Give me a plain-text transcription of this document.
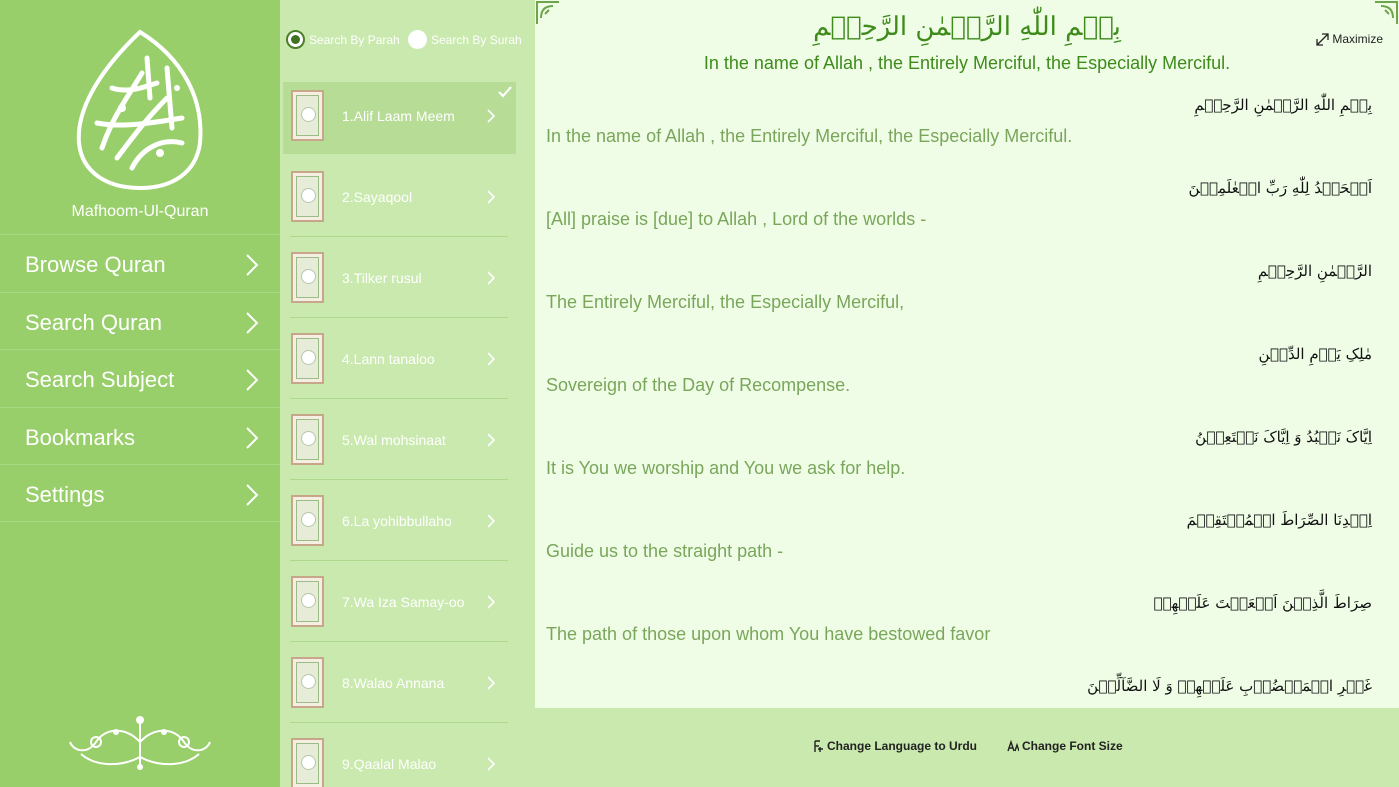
Mafhoom-Ul-Quran
Browse Quran
Search Quran
Search Subject
Bookmarks
Settings
Search By Parah	Search By Surah
1.Alif Laam Meem
2.Sayaqool
3.Tilker rusul
4.Lann tanaloo
5.Wal mohsinaat
6.La yohibbullaho
7.Wa Iza Samay-oo
8.Walao Annana
9.Qaalal Malao
بِسۡمِ اللّٰهِ الرَّحۡمٰنِ الرَّحِیۡمِ
In the name of Allah , the Entirely Merciful, the Especially Merciful.
Maximize
بِسۡمِ اللّٰهِ الرَّحۡمٰنِ الرَّحِیۡمِ
In the name of Allah , the Entirely Merciful, the Especially Merciful.
اَلۡحَمۡدُ لِلّٰهِ رَبِّ الۡعٰلَمِیۡنَ
[All] praise is [due] to Allah , Lord of the worlds -
الرَّحۡمٰنِ الرَّحِیۡمِ
The Entirely Merciful, the Especially Merciful,
مٰلِکِ یَوۡمِ الدِّیۡنِ
Sovereign of the Day of Recompense.
اِیَّاکَ نَعۡبُدُ وَ اِیَّاکَ نَسۡتَعِیۡنُ
It is You we worship and You we ask for help.
اِهۡدِنَا الصِّرَاطَ الۡمُسۡتَقِیۡمَ
Guide us to the straight path -
صِرَاطَ الَّذِیۡنَ اَنۡعَمۡتَ عَلَیۡهِمۡ
The path of those upon whom You have bestowed favor
غَیۡرِ الۡمَغۡضُوۡبِ عَلَیۡهِمۡ وَ لَا الضَّآلِّیۡنَ
Change Language to Urdu	Change Font Size
